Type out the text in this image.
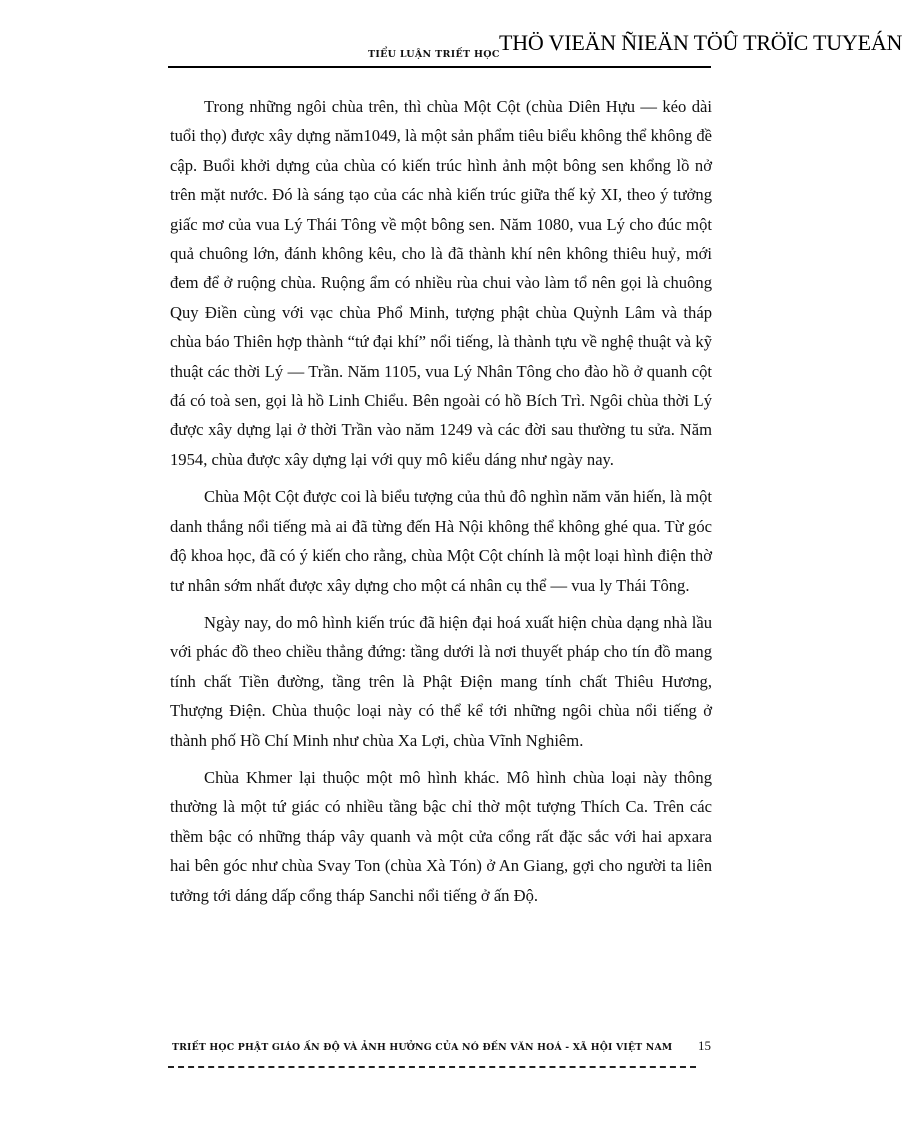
TIỂU LUẬN TRIẾT HỌC THÖ VIEÄN ÑIEÄN TÖÛ TRÖÏC TUYEÁN

Trong những ngôi chùa trên, thì chùa Một Cột (chùa Diên Hựu — kéo dài tuổi thọ) được xây dựng năm1049, là một sản phẩm tiêu biểu không thể không đề cập. Buổi khởi dựng của chùa có kiến trúc hình ảnh một bông sen khổng lồ nở trên mặt nước. Đó là sáng tạo của các nhà kiến trúc giữa thế kỷ XI, theo ý tưởng giấc mơ của vua Lý Thái Tông về một bông sen. Năm 1080, vua Lý cho đúc một quả chuông lớn, đánh không kêu, cho là đã thành khí nên không thiêu huỷ, mới đem để ở ruộng chùa. Ruộng ẩm có nhiều rùa chui vào làm tổ nên gọi là chuông Quy Điền cùng với vạc chùa Phổ Minh, tượng phật chùa Quỳnh Lâm và tháp chùa báo Thiên hợp thành “tứ đại khí” nổi tiếng, là thành tựu về nghệ thuật và kỹ thuật các thời Lý — Trần. Năm 1105, vua Lý Nhân Tông cho đào hồ ở quanh cột đá có toà sen, gọi là hồ Linh Chiểu. Bên ngoài có hồ Bích Trì. Ngôi chùa thời Lý được xây dựng lại ở thời Trần vào năm 1249 và các đời sau thường tu sửa. Năm 1954, chùa được xây dựng lại với quy mô kiểu dáng như ngày nay.

Chùa Một Cột được coi là biểu tượng của thủ đô nghìn năm văn hiến, là một danh thắng nổi tiếng mà ai đã từng đến Hà Nội không thể không ghé qua. Từ góc độ khoa học, đã có ý kiến cho rằng, chùa Một Cột chính là một loại hình điện thờ tư nhân sớm nhất được xây dựng cho một cá nhân cụ thể — vua ly Thái Tông.

Ngày nay, do mô hình kiến trúc đã hiện đại hoá xuất hiện chùa dạng nhà lầu với phác đồ theo chiều thẳng đứng: tầng dưới là nơi thuyết pháp cho tín đồ mang tính chất Tiền đường, tầng trên là Phật Điện mang tính chất Thiêu Hương, Thượng Điện. Chùa thuộc loại này có thể kể tới những ngôi chùa nổi tiếng ở thành phố Hồ Chí Minh như chùa Xa Lợi, chùa Vĩnh Nghiêm.

Chùa Khmer lại thuộc một mô hình khác. Mô hình chùa loại này thông thường là một tứ giác có nhiều tầng bậc chỉ thờ một tượng Thích Ca. Trên các thềm bậc có những tháp vây quanh và một cửa cổng rất đặc sắc với hai apxara hai bên góc như chùa Svay Ton (chùa Xà Tón) ở An Giang, gợi cho người ta liên tưởng tới dáng dấp cổng tháp Sanchi nổi tiếng ở ấn Độ.

TRIẾT HỌC PHẬT GIÁO ẤN ĐỘ VÀ ẢNH HƯỞNG CỦA NÓ ĐẾN VĂN HOÁ - XÃ HỘI VIỆT NAM 15
